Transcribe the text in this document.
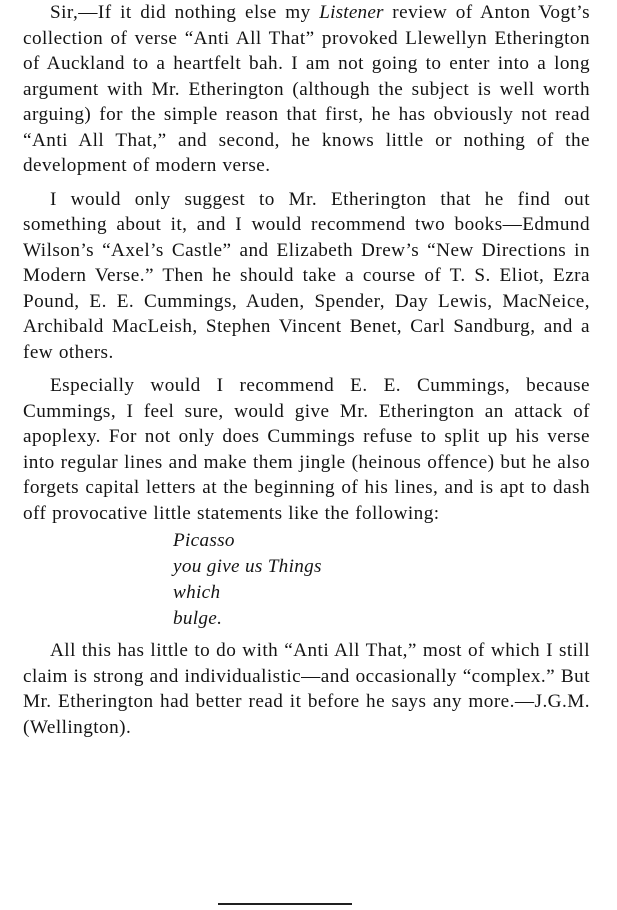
Sir,—If it did nothing else my Listener review of Anton Vogt’s collection of verse “Anti All That” provoked Llewellyn Etherington of Auckland to a heartfelt bah. I am not going to enter into a long argument with Mr. Etherington (although the subject is well worth arguing) for the simple reason that first, he has obviously not read “Anti All That,” and second, he knows little or nothing of the development of modern verse.

I would only suggest to Mr. Etherington that he find out something about it, and I would recommend two books—Edmund Wilson’s “Axel’s Castle” and Elizabeth Drew’s “New Directions in Modern Verse.” Then he should take a course of T. S. Eliot, Ezra Pound, E. E. Cummings, Auden, Spender, Day Lewis, MacNeice, Archibald MacLeish, Stephen Vincent Benet, Carl Sandburg, and a few others.

Especially would I recommend E. E. Cummings, because Cummings, I feel sure, would give Mr. Etherington an attack of apoplexy. For not only does Cummings refuse to split up his verse into regular lines and make them jingle (heinous offence) but he also forgets capital letters at the beginning of his lines, and is apt to dash off provocative little statements like the following:

Picasso
you give us Things
which
bulge.

All this has little to do with “Anti All That,” most of which I still claim is strong and individualistic—and occasionally “complex.” But Mr. Etherington had better read it before he says any more.—J.G.M. (Wellington).
